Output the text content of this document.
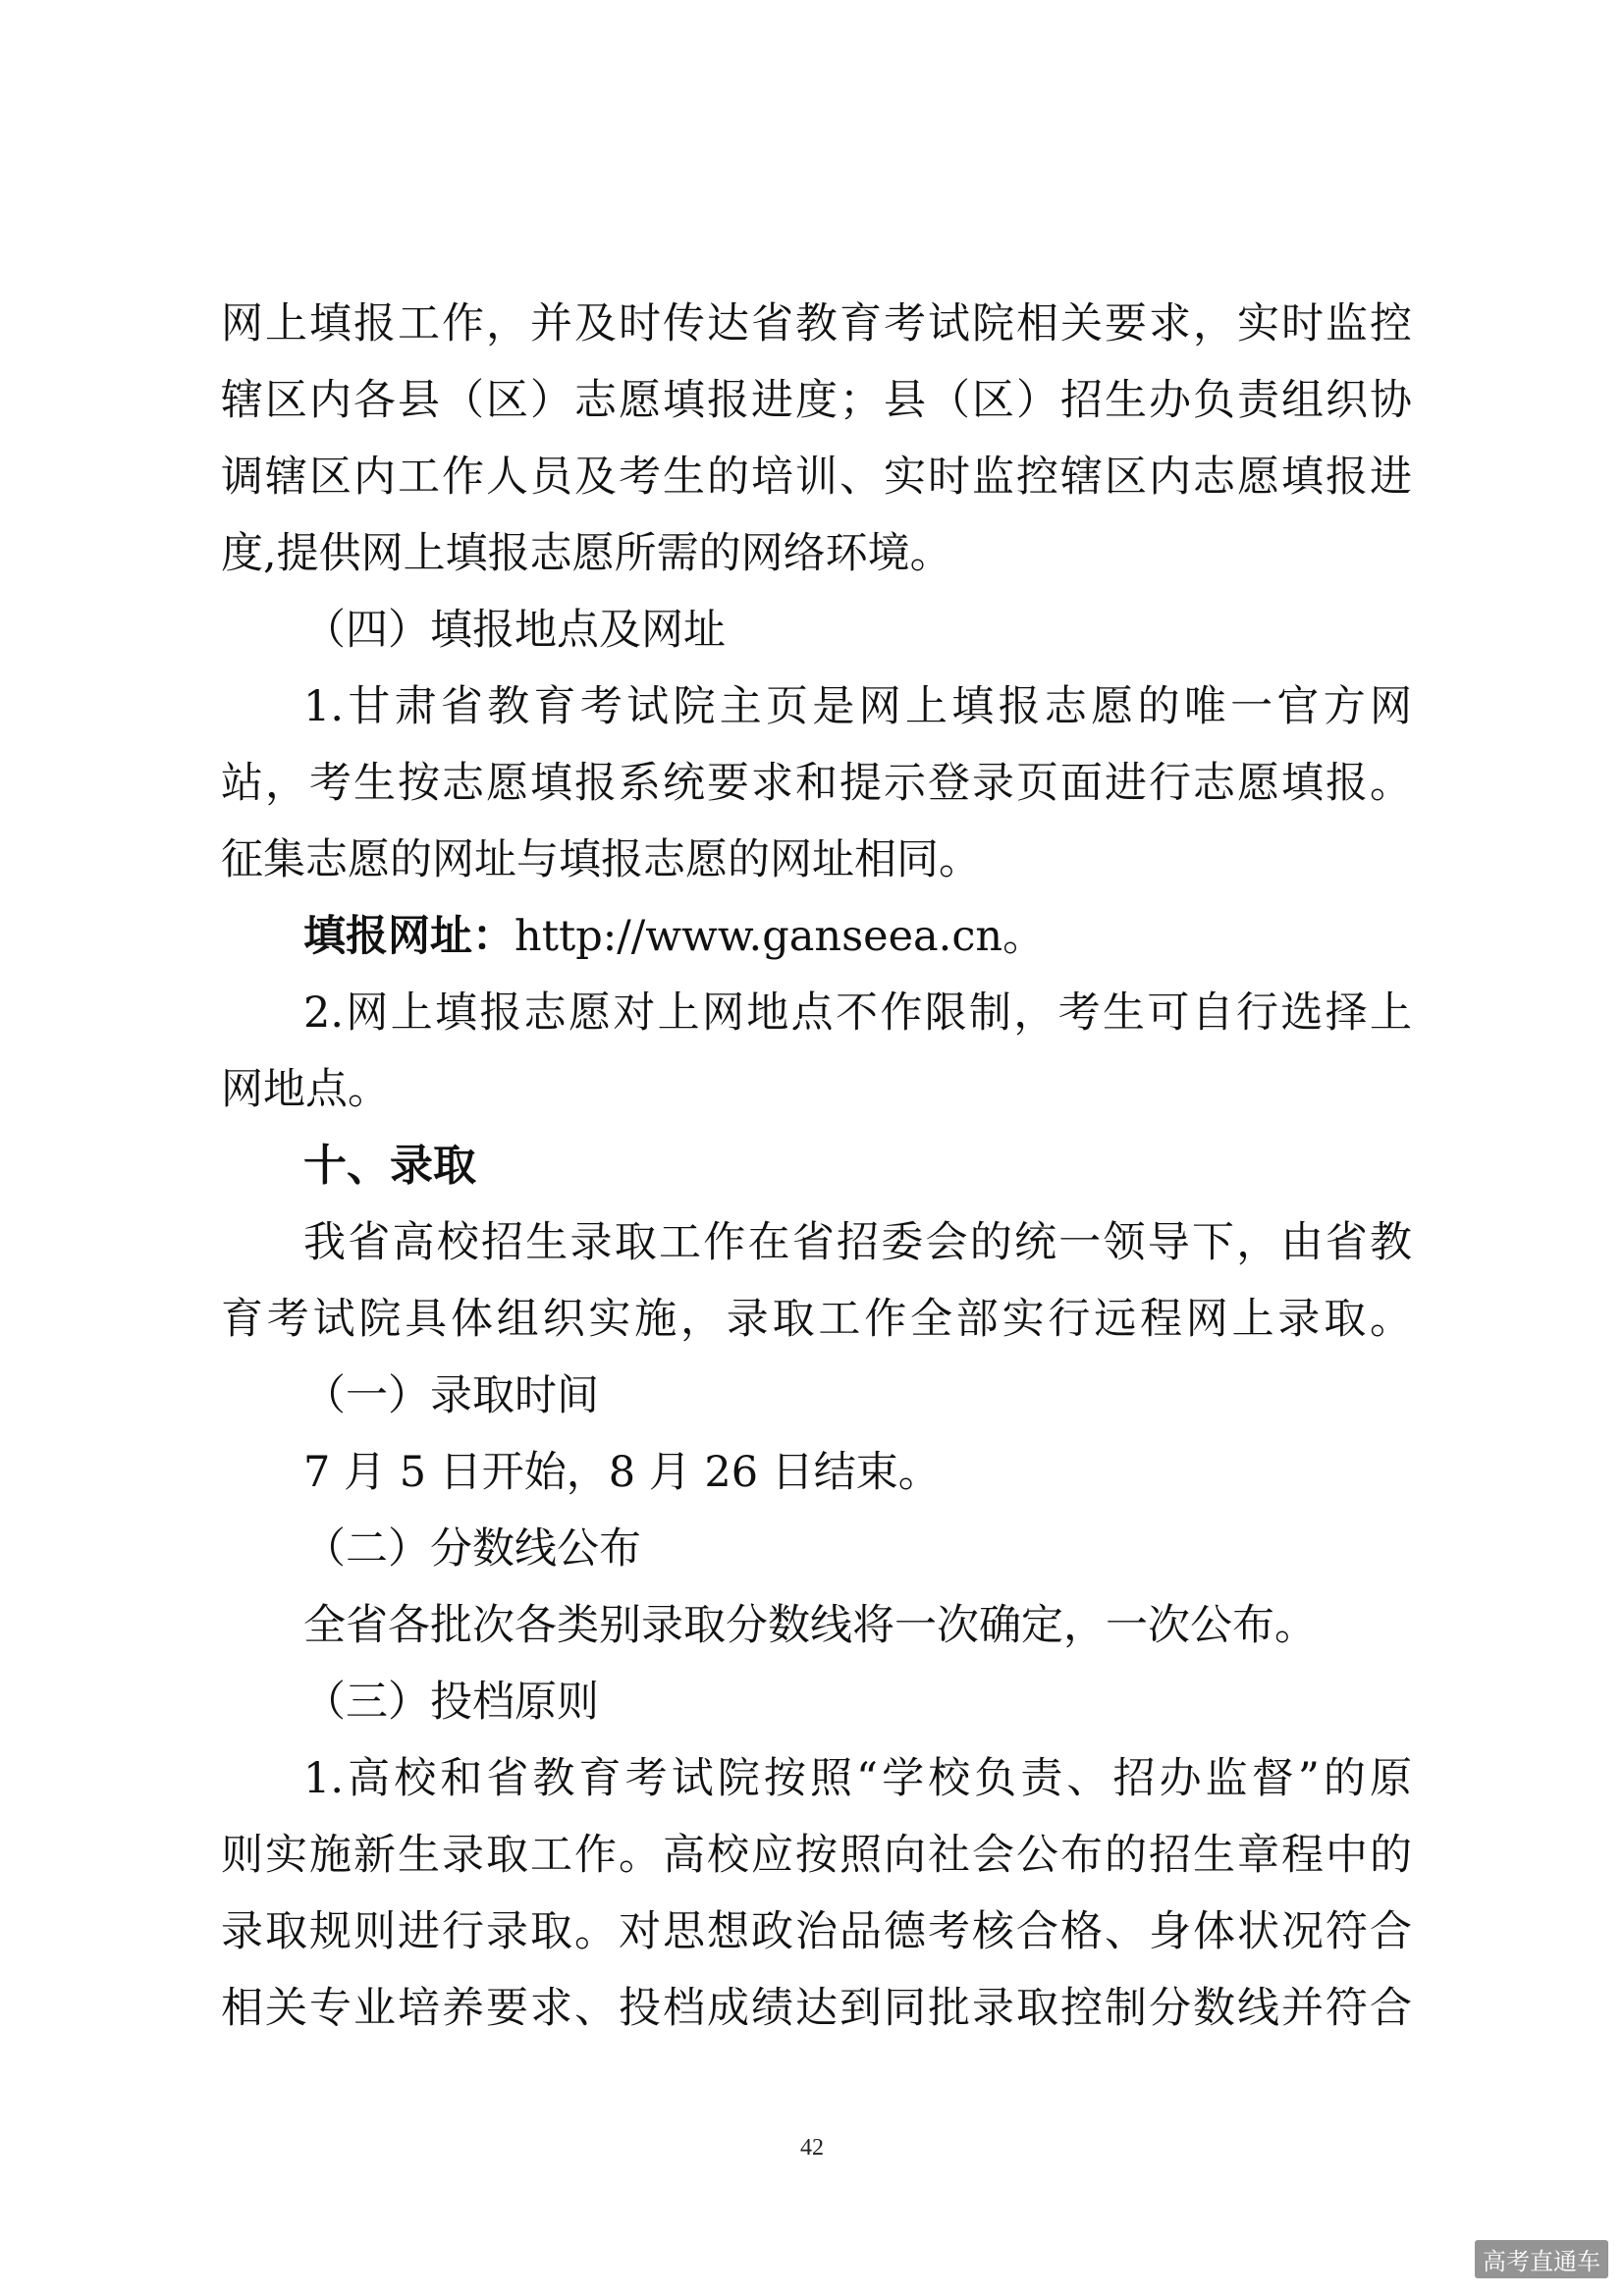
网上填报工作，并及时传达省教育考试院相关要求，实时监控

辖区内各县（区）志愿填报进度；县（区）招生办负责组织协

调辖区内工作人员及考生的培训、实时监控辖区内志愿填报进

度,提供网上填报志愿所需的网络环境。

（四）填报地点及网址

1.甘肃省教育考试院主页是网上填报志愿的唯一官方网

站，考生按志愿填报系统要求和提示登录页面进行志愿填报。

征集志愿的网址与填报志愿的网址相同。

填报网址：http://www.ganseea.cn。

2.网上填报志愿对上网地点不作限制，考生可自行选择上

网地点。

十、录取

我省高校招生录取工作在省招委会的统一领导下，由省教

育考试院具体组织实施，录取工作全部实行远程网上录取。

（一）录取时间

7 月 5 日开始，8 月 26 日结束。

（二）分数线公布

全省各批次各类别录取分数线将一次确定，一次公布。

（三）投档原则

1.高校和省教育考试院按照“学校负责、招办监督”的原

则实施新生录取工作。高校应按照向社会公布的招生章程中的

录取规则进行录取。对思想政治品德考核合格、身体状况符合

相关专业培养要求、投档成绩达到同批录取控制分数线并符合

42
高考直通车
